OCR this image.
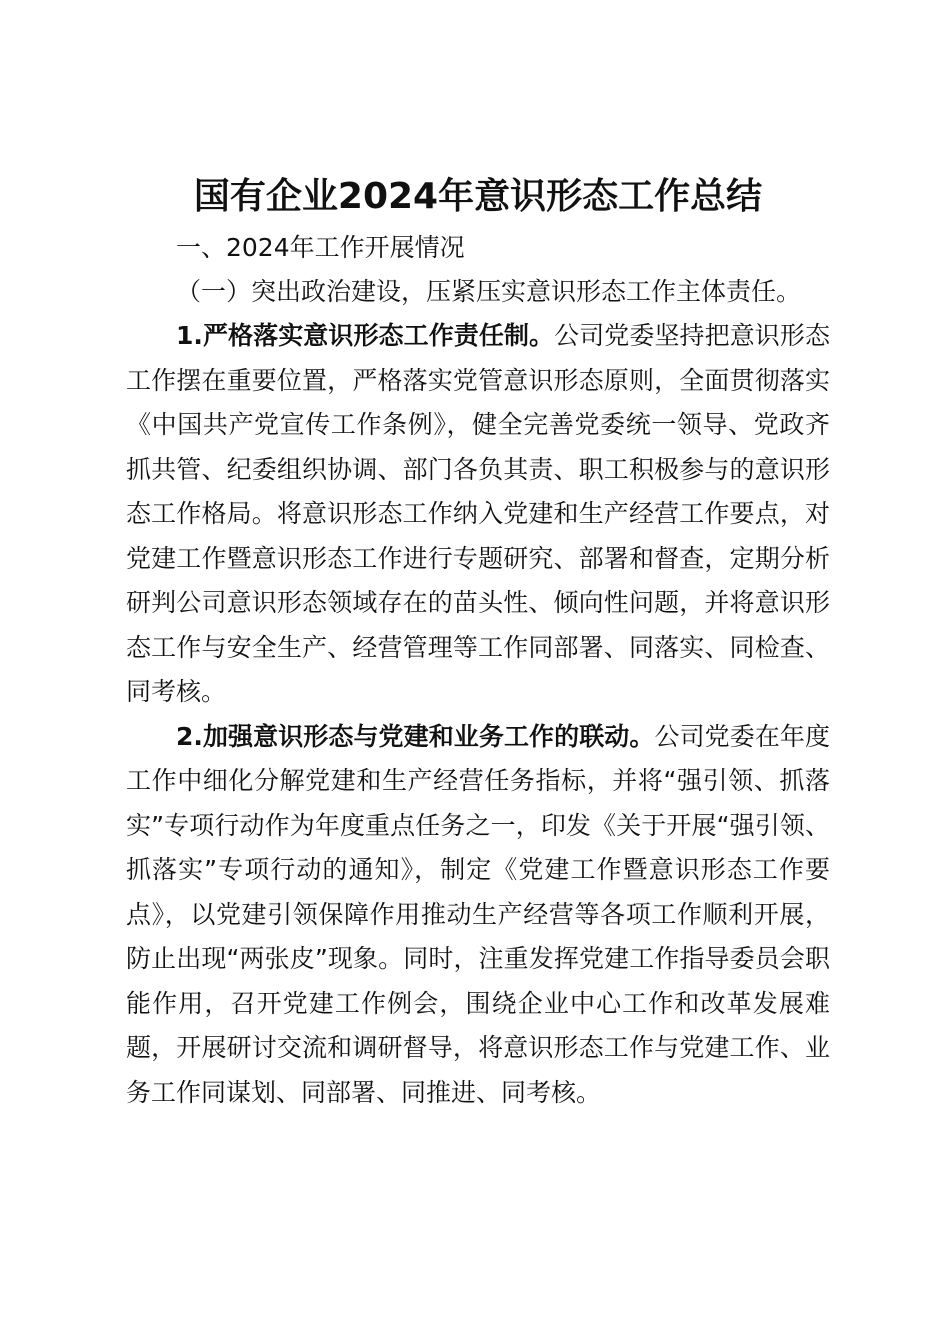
国有企业2024年意识形态工作总结

一、2024年工作开展情况

（一）突出政治建设，压紧压实意识形态工作主体责任。

1.严格落实意识形态工作责任制。公司党委坚持把意识形态工作摆在重要位置，严格落实党管意识形态原则，全面贯彻落实《中国共产党宣传工作条例》，健全完善党委统一领导、党政齐抓共管、纪委组织协调、部门各负其责、职工积极参与的意识形态工作格局。将意识形态工作纳入党建和生产经营工作要点，对党建工作暨意识形态工作进行专题研究、部署和督查，定期分析研判公司意识形态领域存在的苗头性、倾向性问题，并将意识形态工作与安全生产、经营管理等工作同部署、同落实、同检查、同考核。

2.加强意识形态与党建和业务工作的联动。公司党委在年度工作中细化分解党建和生产经营任务指标，并将“强引领、抓落实”专项行动作为年度重点任务之一，印发《关于开展“强引领、抓落实”专项行动的通知》，制定《党建工作暨意识形态工作要点》，以党建引领保障作用推动生产经营等各项工作顺利开展，防止出现“两张皮”现象。同时，注重发挥党建工作指导委员会职能作用，召开党建工作例会，围绕企业中心工作和改革发展难题，开展研讨交流和调研督导，将意识形态工作与党建工作、业务工作同谋划、同部署、同推进、同考核。
